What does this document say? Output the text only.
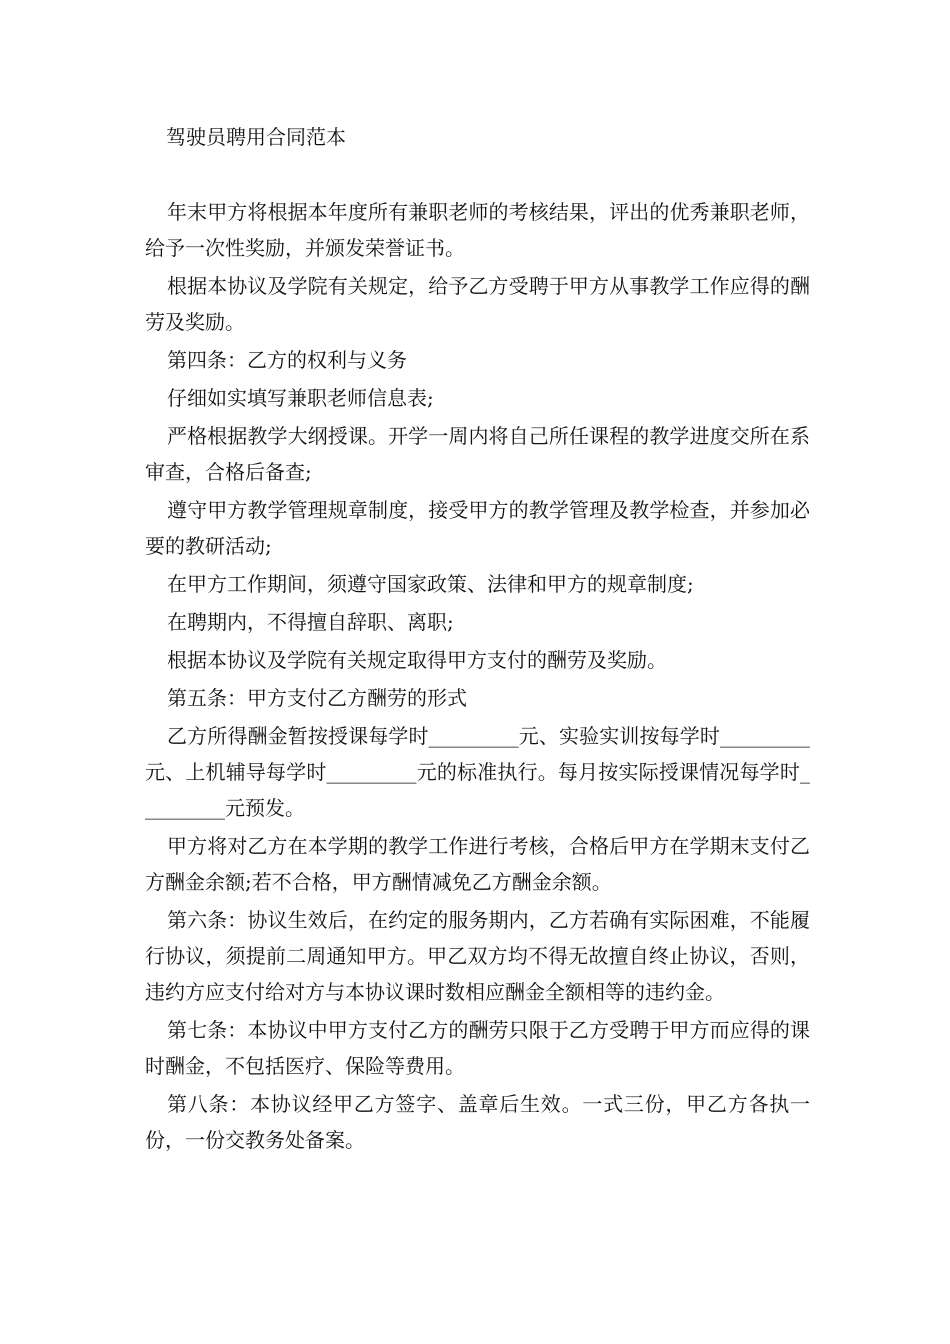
驾驶员聘用合同范本

年末甲方将根据本年度所有兼职老师的考核结果，评出的优秀兼职老师，给予一次性奖励，并颁发荣誉证书。

根据本协议及学院有关规定，给予乙方受聘于甲方从事教学工作应得的酬劳及奖励。

第四条：乙方的权利与义务

仔细如实填写兼职老师信息表;

严格根据教学大纲授课。开学一周内将自己所任课程的教学进度交所在系审查，合格后备查;

遵守甲方教学管理规章制度，接受甲方的教学管理及教学检查，并参加必要的教研活动;

在甲方工作期间，须遵守国家政策、法律和甲方的规章制度;

在聘期内，不得擅自辞职、离职;

根据本协议及学院有关规定取得甲方支付的酬劳及奖励。

第五条：甲方支付乙方酬劳的形式

乙方所得酬金暂按授课每学时_________元、实验实训按每学时_________元、上机辅导每学时_________元的标准执行。每月按实际授课情况每学时_________元预发。

甲方将对乙方在本学期的教学工作进行考核，合格后甲方在学期末支付乙方酬金余额;若不合格，甲方酬情减免乙方酬金余额。

第六条：协议生效后，在约定的服务期内，乙方若确有实际困难，不能履行协议，须提前二周通知甲方。甲乙双方均不得无故擅自终止协议，否则，违约方应支付给对方与本协议课时数相应酬金全额相等的违约金。

第七条：本协议中甲方支付乙方的酬劳只限于乙方受聘于甲方而应得的课时酬金，不包括医疗、保险等费用。

第八条：本协议经甲乙方签字、盖章后生效。一式三份，甲乙方各执一份，一份交教务处备案。
